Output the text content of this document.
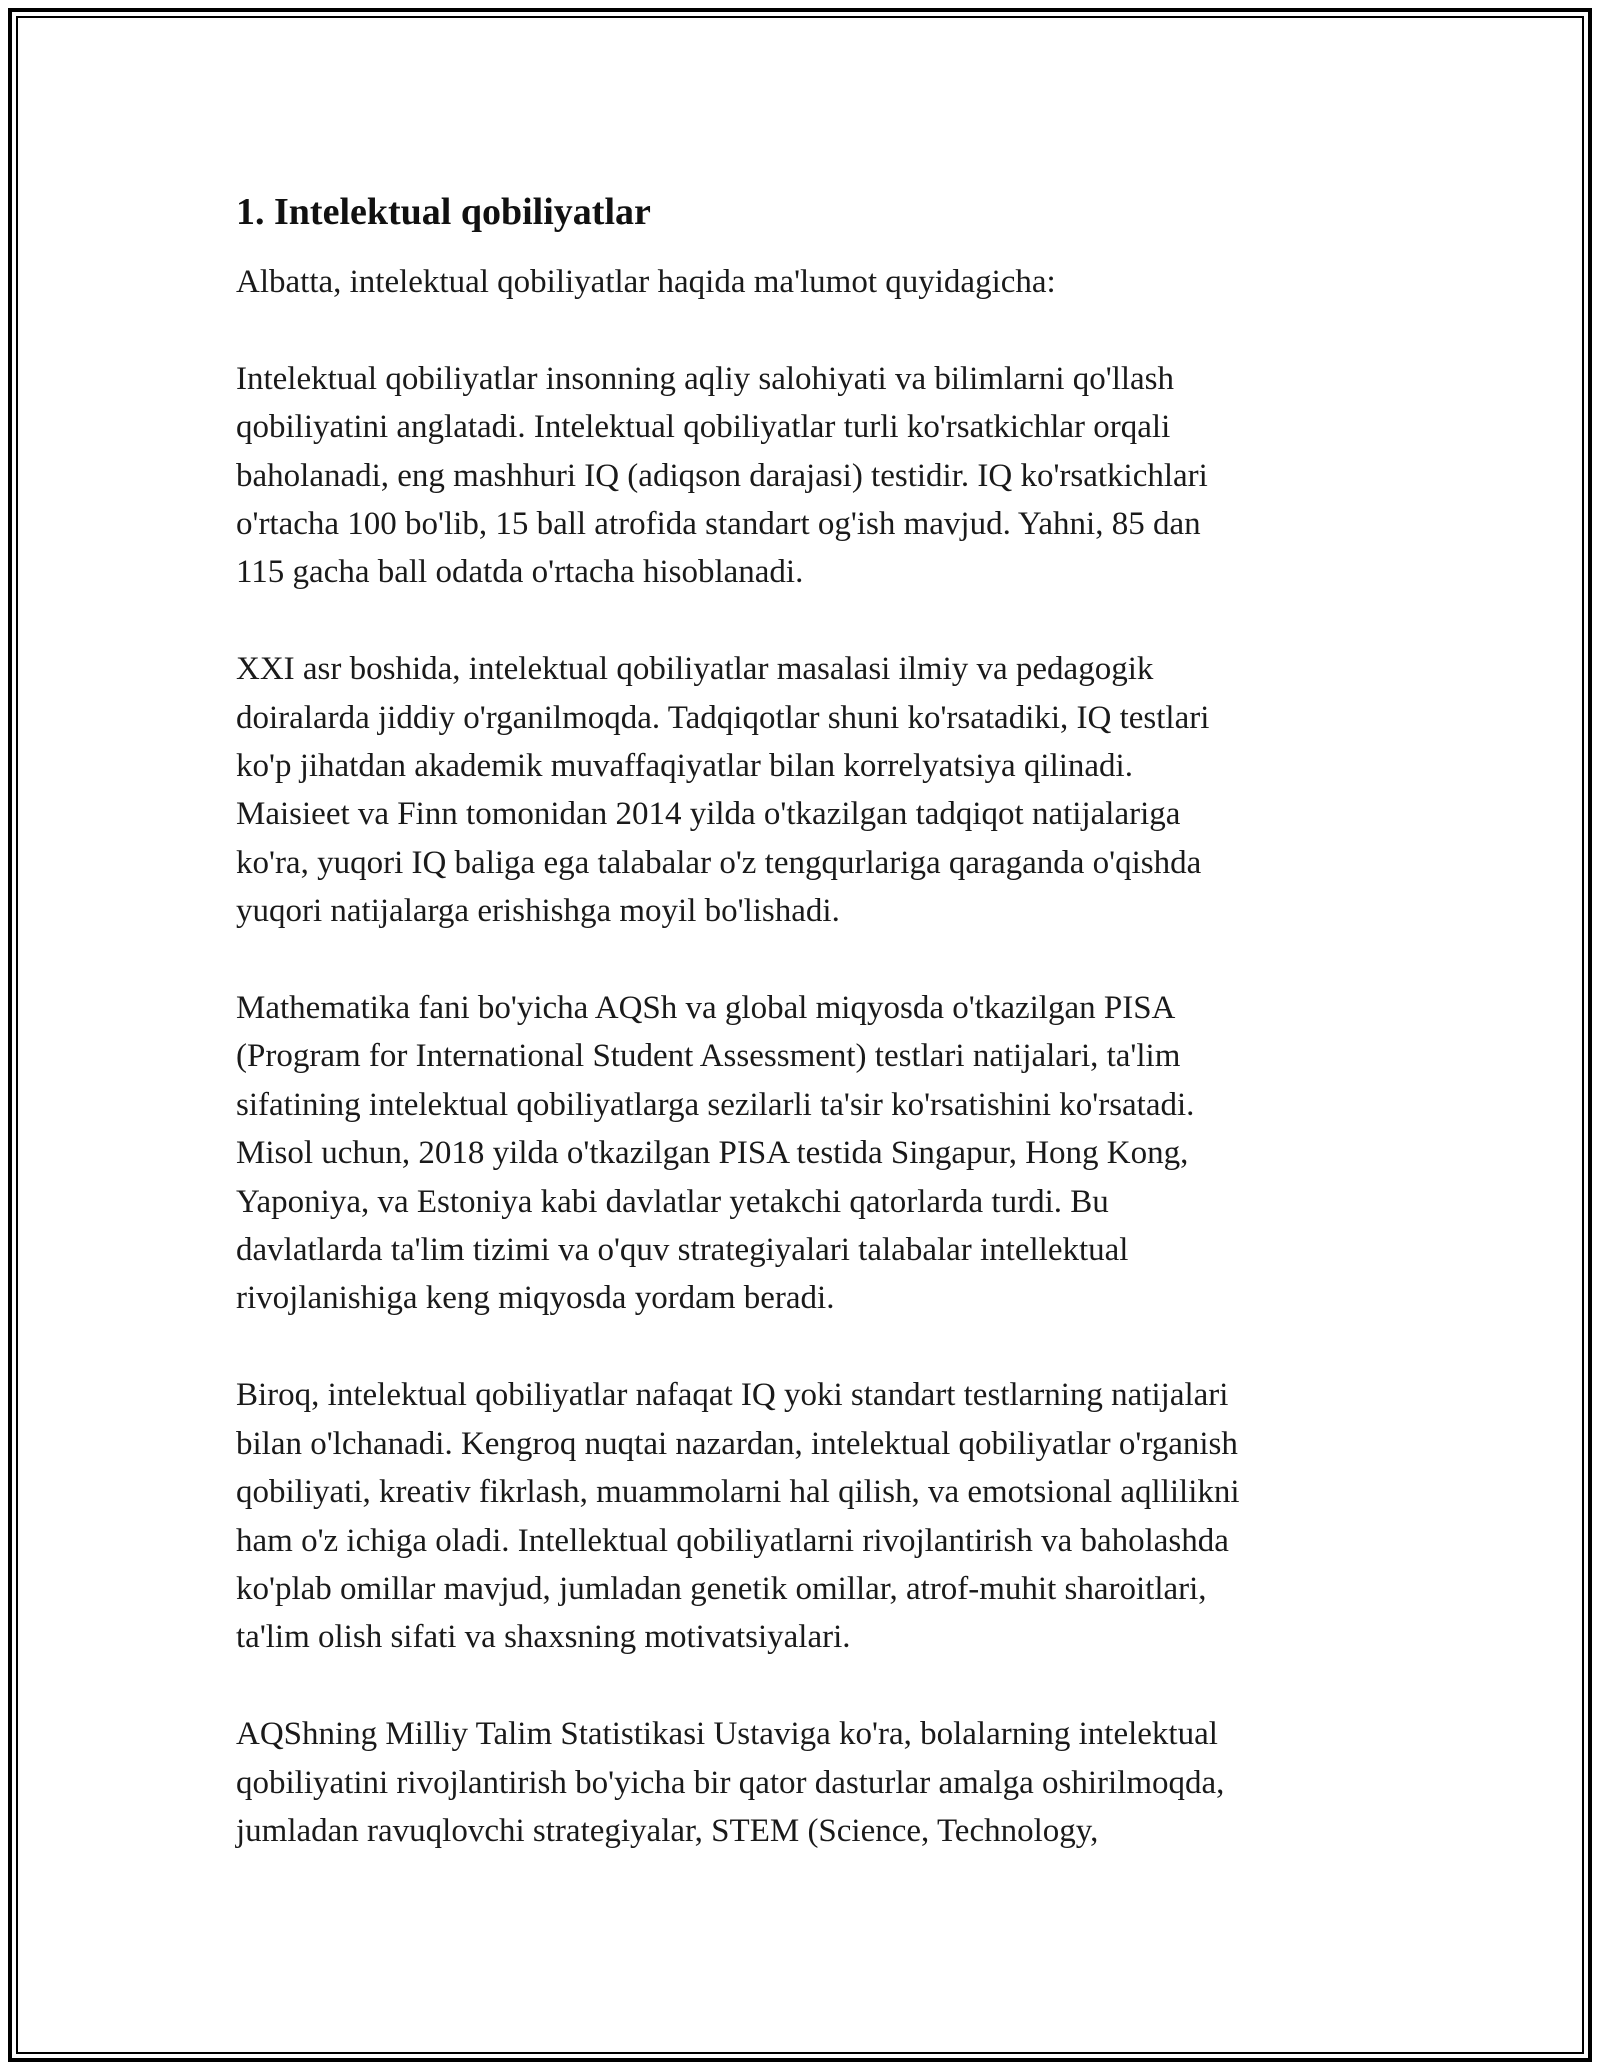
1. Intelektual qobiliyatlar

Albatta, intelektual qobiliyatlar haqida ma'lumot quyidagicha:

Intelektual qobiliyatlar insonning aqliy salohiyati va bilimlarni qo'llash
qobiliyatini anglatadi. Intelektual qobiliyatlar turli ko'rsatkichlar orqali
baholanadi, eng mashhuri IQ (adiqson darajasi) testidir. IQ ko'rsatkichlari
o'rtacha 100 bo'lib, 15 ball atrofida standart og'ish mavjud. Yahni, 85 dan
115 gacha ball odatda o'rtacha hisoblanadi.

XXI asr boshida, intelektual qobiliyatlar masalasi ilmiy va pedagogik
doiralarda jiddiy o'rganilmoqda. Tadqiqotlar shuni ko'rsatadiki, IQ testlari
ko'p jihatdan akademik muvaffaqiyatlar bilan korrelyatsiya qilinadi.
Maisieet va Finn tomonidan 2014 yilda o'tkazilgan tadqiqot natijalariga
ko'ra, yuqori IQ baliga ega talabalar o'z tengqurlariga qaraganda o'qishda
yuqori natijalarga erishishga moyil bo'lishadi.

Mathematika fani bo'yicha AQSh va global miqyosda o'tkazilgan PISA
(Program for International Student Assessment) testlari natijalari, ta'lim
sifatining intelektual qobiliyatlarga sezilarli ta'sir ko'rsatishini ko'rsatadi.
Misol uchun, 2018 yilda o'tkazilgan PISA testida Singapur, Hong Kong,
Yaponiya, va Estoniya kabi davlatlar yetakchi qatorlarda turdi. Bu
davlatlarda ta'lim tizimi va o'quv strategiyalari talabalar intellektual
rivojlanishiga keng miqyosda yordam beradi.

Biroq, intelektual qobiliyatlar nafaqat IQ yoki standart testlarning natijalari
bilan o'lchanadi. Kengroq nuqtai nazardan, intelektual qobiliyatlar o'rganish
qobiliyati, kreativ fikrlash, muammolarni hal qilish, va emotsional aqllilikni
ham o'z ichiga oladi. Intellektual qobiliyatlarni rivojlantirish va baholashda
ko'plab omillar mavjud, jumladan genetik omillar, atrof-muhit sharoitlari,
ta'lim olish sifati va shaxsning motivatsiyalari.

AQShning Milliy Talim Statistikasi Ustaviga ko'ra, bolalarning intelektual
qobiliyatini rivojlantirish bo'yicha bir qator dasturlar amalga oshirilmoqda,
jumladan ravuqlovchi strategiyalar, STEM (Science, Technology,
